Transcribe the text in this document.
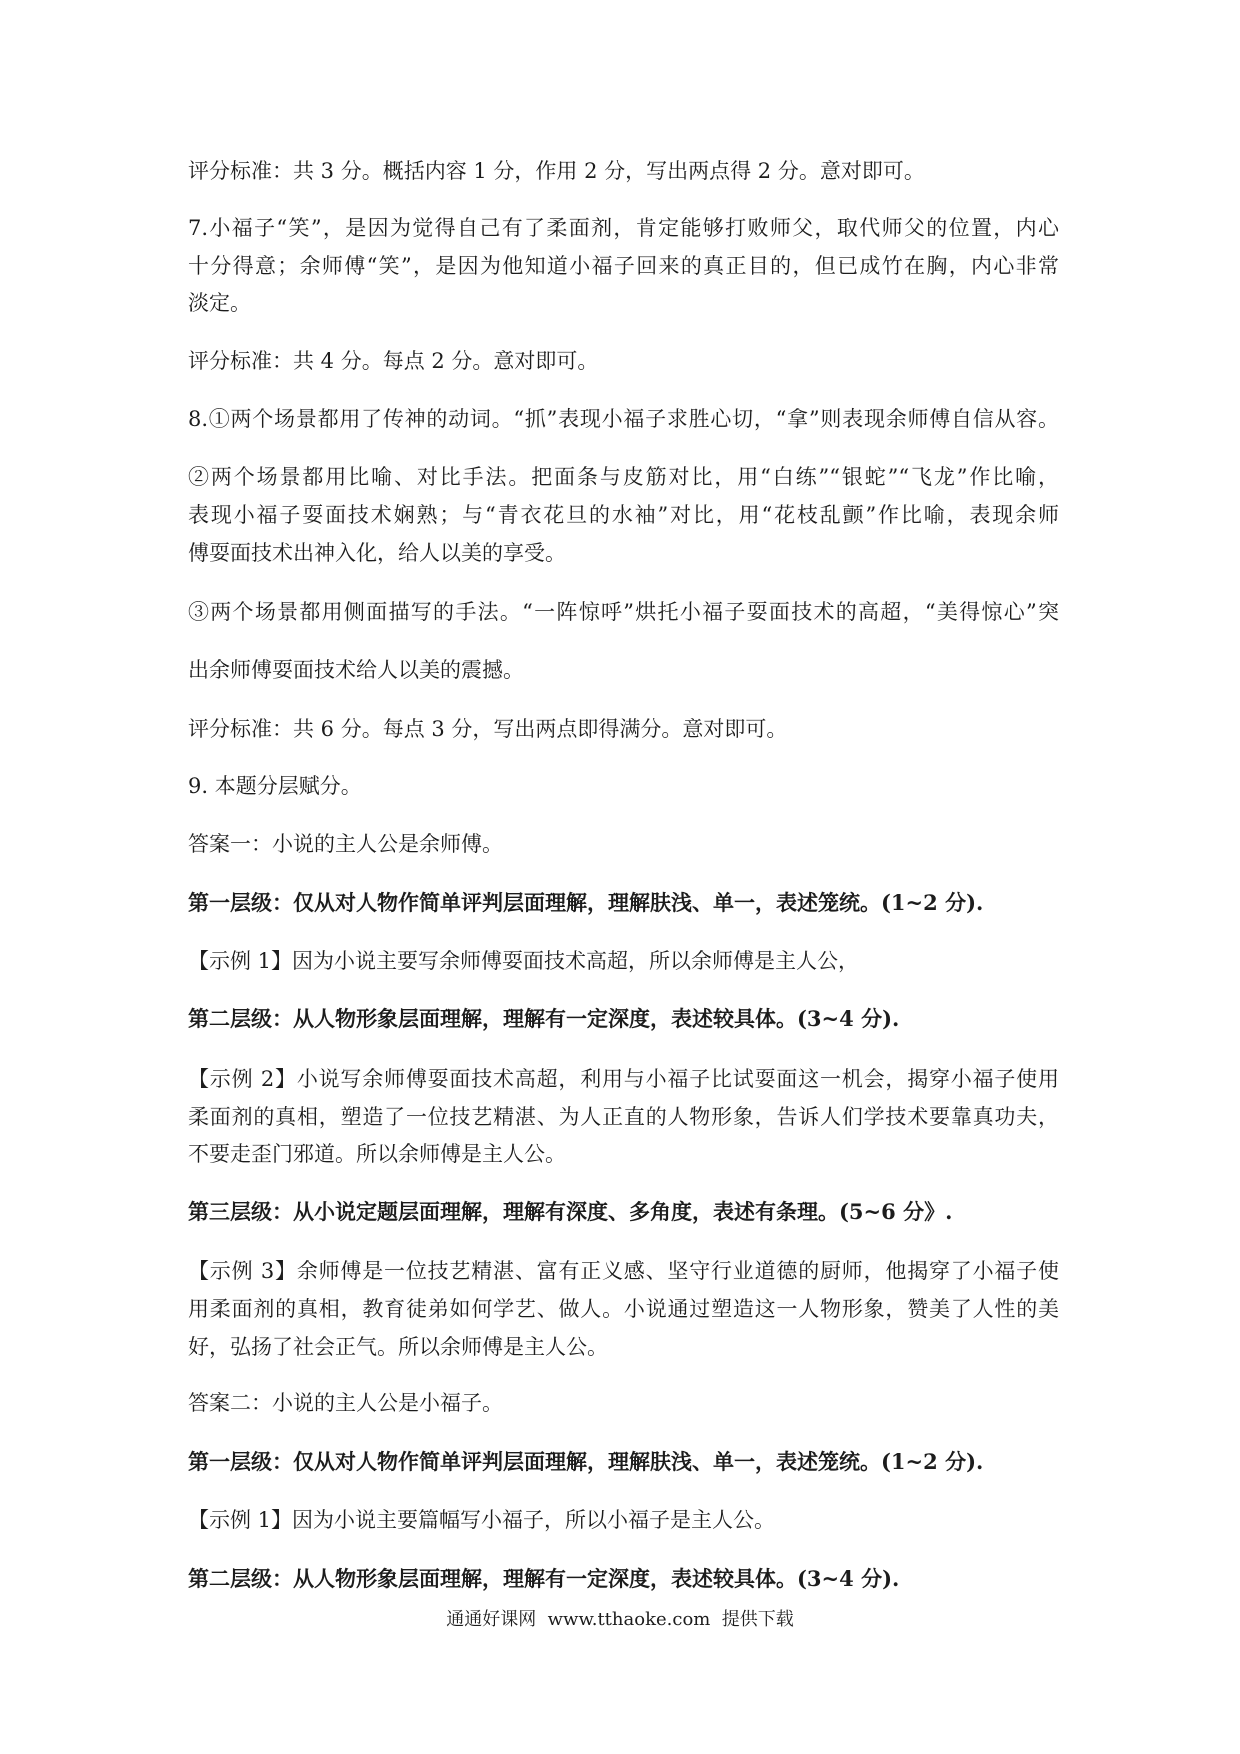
评分标准：共 3 分。概括内容 1 分，作用 2 分，写出两点得 2 分。意对即可。
7.小福子“笑”，是因为觉得自己有了柔面剂，肯定能够打败师父，取代师父的位置，内心
十分得意；余师傅“笑”，是因为他知道小福子回来的真正目的，但已成竹在胸，内心非常
淡定。
评分标准：共 4 分。每点 2 分。意对即可。
8.①两个场景都用了传神的动词。“抓”表现小福子求胜心切，“拿”则表现余师傅自信从容。
②两个场景都用比喻、对比手法。把面条与皮筋对比，用“白练”“银蛇”“飞龙”作比喻，
表现小福子耍面技术娴熟；与“青衣花旦的水袖”对比，用“花枝乱颤”作比喻，表现余师
傅耍面技术出神入化，给人以美的享受。
③两个场景都用侧面描写的手法。“一阵惊呼”烘托小福子耍面技术的高超，“美得惊心”突
出余师傅耍面技术给人以美的震撼。
评分标准：共 6 分。每点 3 分，写出两点即得满分。意对即可。
9. 本题分层赋分。
答案一：小说的主人公是余师傅。
第一层级：仅从对人物作简单评判层面理解，理解肤浅、单一，表述笼统。(1~2 分).
【示例 1】因为小说主要写余师傅耍面技术高超，所以余师傅是主人公，
第二层级：从人物形象层面理解，理解有一定深度，表述较具体。(3~4 分).
【示例 2】小说写余师傅耍面技术高超，利用与小福子比试耍面这一机会，揭穿小福子使用
柔面剂的真相，塑造了一位技艺精湛、为人正直的人物形象，告诉人们学技术要靠真功夫，
不要走歪门邪道。所以余师傅是主人公。
第三层级：从小说定题层面理解，理解有深度、多角度，表述有条理。(5~6 分》.
【示例 3】余师傅是一位技艺精湛、富有正义感、坚守行业道德的厨师，他揭穿了小福子使
用柔面剂的真相，教育徒弟如何学艺、做人。小说通过塑造这一人物形象，赞美了人性的美
好，弘扬了社会正气。所以余师傅是主人公。
答案二：小说的主人公是小福子。
第一层级：仅从对人物作简单评判层面理解，理解肤浅、单一，表述笼统。(1~2 分).
【示例 1】因为小说主要篇幅写小福子，所以小福子是主人公。
第二层级：从人物形象层面理解，理解有一定深度，表述较具体。(3~4 分).
通通好课网  www.tthaoke.com  提供下载
